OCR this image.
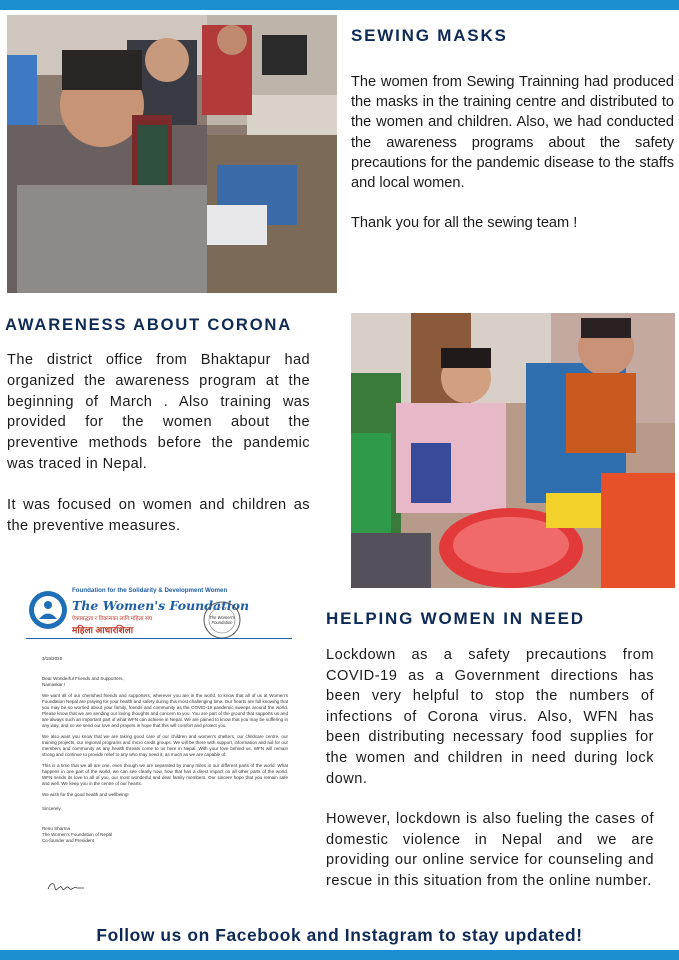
SEWING MASKS

The women from Sewing Trainning had produced the masks in the training centre and distributed to the women and children. Also, we had conducted the awareness programs about the safety precautions for the pandemic disease to the staffs and local women.

Thank you for all the sewing team !

AWARENESS ABOUT CORONA

The district office from Bhaktapur had organized the awareness program at the beginning of March . Also training was provided for the women about the preventive methods before the pandemic was traced in Nepal.

It was focused on women and children as the preventive measures.

Foundation for the Solidarity & Development Women
The Women's Foundation
ऐक्यबद्धता र विकासका लागि महिला संघ
महिला आधारशिला
The Women's
Foundation

3/18/2020

Dear Wonderful Friends and Supporters,
Namaskar !

We want all of our cherished friends and supporters, wherever you are in the world, to know that all of us at Women's Foundation Nepal are praying for your health and safety during this most challenging time. Our hearts are full knowing that you may be so worried about your family, friends and community as the COVID-19 pandemic sweeps around the world. Please know that we are sending our loving thoughts and concern to you. You are part of the ground that supports us and are always such an important part of what WFN can achieve in Nepal. We are pained to know that you may be suffering in any way, and so we send our love and prayers in hope that this will comfort and protect you.

We also want you know that we are taking good care of our children and women's shelters, our childcare centre, our training projects, our regional programs and micro credit groups. We will be there with support, information and aid for our members and community as any health threats come to us here in Nepal. With your love behind us, WFN will remain strong and continue to provide relief to any who may need it, as much as we are capable of.

This is a time that we all are one, even though we are separated by many miles in our different parts of the world. What happens in one part of the world, we can see clearly now, how that has a direct impact on all other parts of the world. WFN sends its love to all of you, our most wonderful and dear family members. Our sincere hope that you remain safe and well. We keep you in the centre of our hearts.

We wish for the good health and wellbeing!

Sincerely,
Renu Sharma
The Women's Foundation of Nepal
Co-founder and President
HELPING WOMEN IN NEED

Lockdown as a safety precautions from COVID-19 as a Government directions has been very helpful to stop the numbers of infections of Corona virus. Also, WFN has been distributing necessary food supplies for the women and children in need during lock down.

However, lockdown is also fueling the cases of domestic violence in Nepal and we are providing our online service for counseling and rescue in this situation from the online number.

Follow us on Facebook and Instagram to stay updated!
